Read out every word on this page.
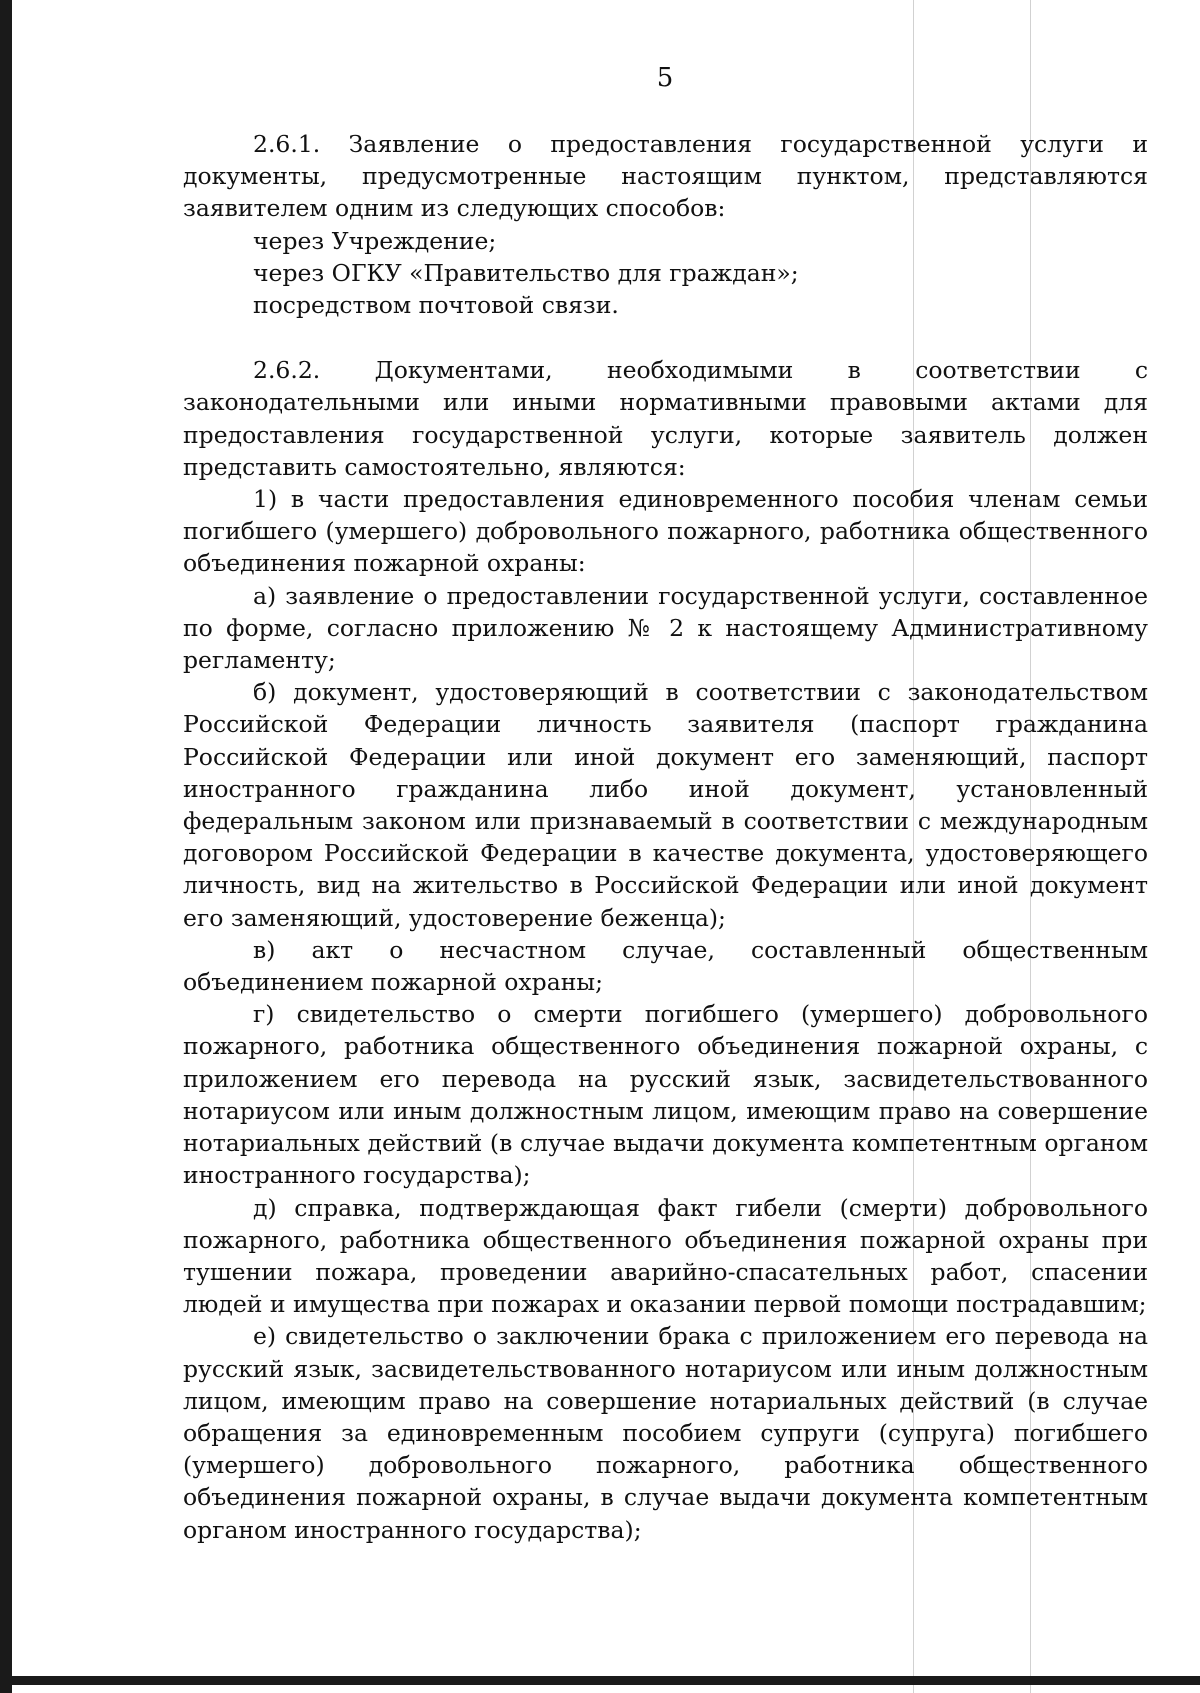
5

2.6.1. Заявление о предоставления государственной услуги и документы, предусмотренные настоящим пунктом, представляются заявителем одним из следующих способов:

через Учреждение;

через ОГКУ «Правительство для граждан»;

посредством почтовой связи.

2.6.2. Документами, необходимыми в соответствии с законодательными или иными нормативными правовыми актами для предоставления государственной услуги, которые заявитель должен представить самостоятельно, являются:

1) в части предоставления единовременного пособия членам семьи погибшего (умершего) добровольного пожарного, работника общественного объединения пожарной охраны:

а) заявление о предоставлении государственной услуги, составленное по форме, согласно приложению № 2 к настоящему Административному регламенту;

б) документ, удостоверяющий в соответствии с законодательством Российской Федерации личность заявителя (паспорт гражданина Российской Федерации или иной документ его заменяющий, паспорт иностранного гражданина либо иной документ, установленный федеральным законом или признаваемый в соответствии с международным договором Российской Федерации в качестве документа, удостоверяющего личность, вид на жительство в Российской Федерации или иной документ его заменяющий, удостоверение беженца);

в) акт о несчастном случае, составленный общественным объединением пожарной охраны;

г) свидетельство о смерти погибшего (умершего) добровольного пожарного, работника общественного объединения пожарной охраны, с приложением его перевода на русский язык, засвидетельствованного нотариусом или иным должностным лицом, имеющим право на совершение нотариальных действий (в случае выдачи документа компетентным органом иностранного государства);

д) справка, подтверждающая факт гибели (смерти) добровольного пожарного, работника общественного объединения пожарной охраны при тушении пожара, проведении аварийно-спасательных работ, спасении людей и имущества при пожарах и оказании первой помощи пострадавшим;

е) свидетельство о заключении брака с приложением его перевода на русский язык, засвидетельствованного нотариусом или иным должностным лицом, имеющим право на совершение нотариальных действий (в случае обращения за единовременным пособием супруги (супруга) погибшего (умершего) добровольного пожарного, работника общественного объединения пожарной охраны, в случае выдачи документа компетентным органом иностранного государства);
